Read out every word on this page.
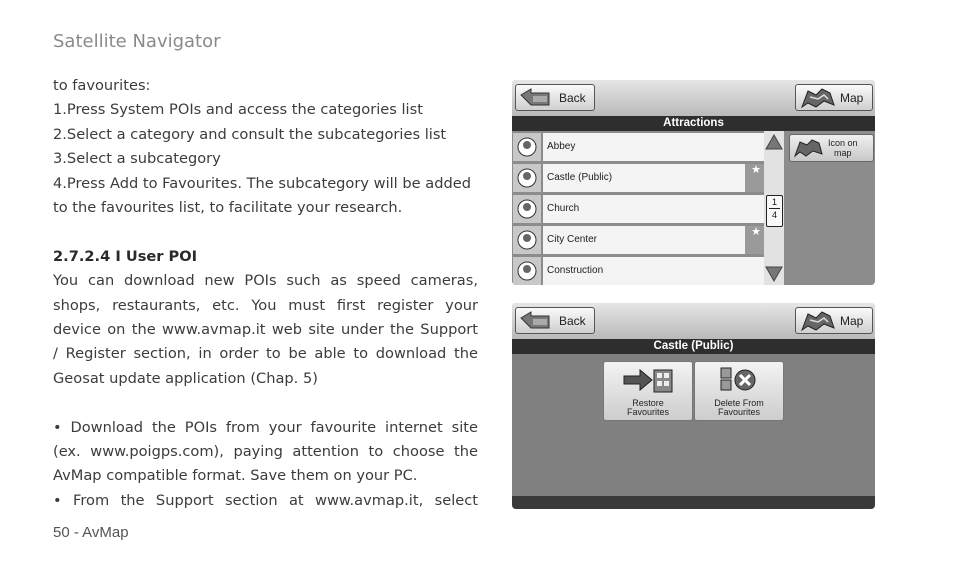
Satellite Navigator

to favourites:

1.Press System POIs and access the categories list

2.Select a category and consult the subcategories list

3.Select a subcategory

4.Press Add to Favourites. The subcategory will be added

to the favourites list, to facilitate your research.

2.7.2.4 I User POI

You can download new POIs such as speed cameras,

shops, restaurants, etc. You must first register your

device on the www.avmap.it web site under the Support

/ Register section, in order to be able to download the

Geosat update application (Chap. 5)

• Download the POIs from your favourite internet site

(ex. www.poigps.com), paying attention to choose the

AvMap compatible format. Save them on your PC.

• From the Support section at www.avmap.it, select

50 - AvMap
Back	Map
Attractions
Abbey
Castle (Public)
★
Church
City Center
★
Construction
1
4
Icon on
map
Back	Map
Castle (Public)
Restore
Favourites
Delete From
Favourites
